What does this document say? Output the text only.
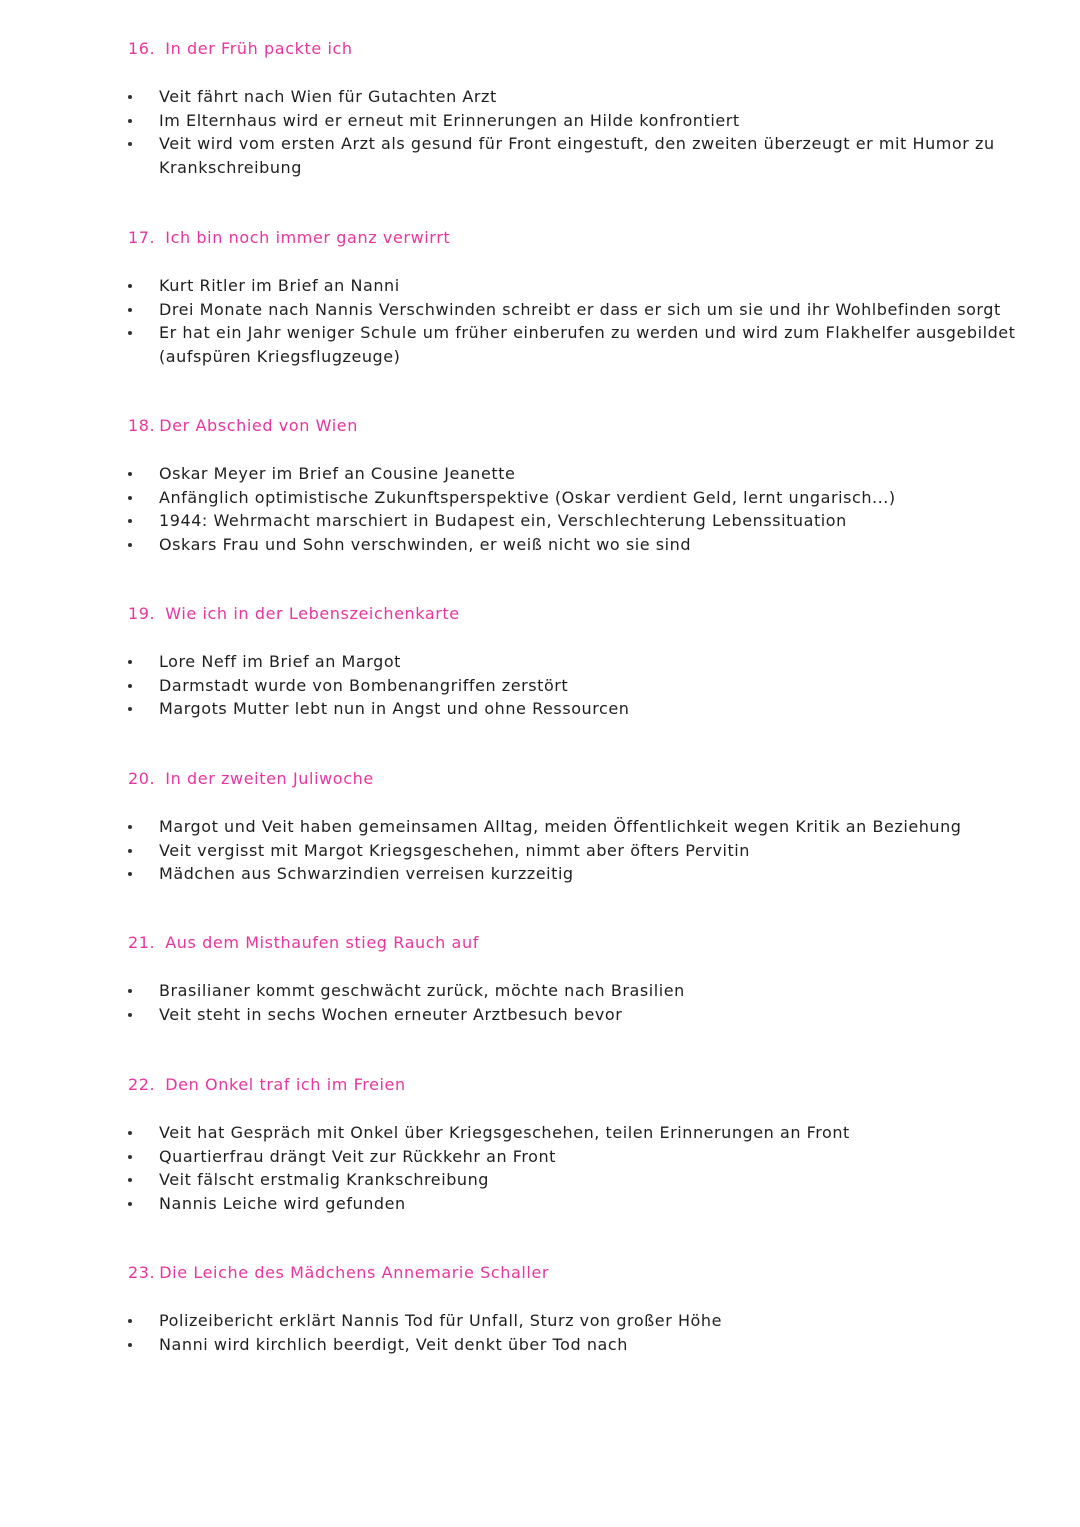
16. In der Früh packte ich
Veit fährt nach Wien für Gutachten Arzt
Im Elternhaus wird er erneut mit Erinnerungen an Hilde konfrontiert
Veit wird vom ersten Arzt als gesund für Front eingestuft, den zweiten überzeugt er mit Humor zu Krankschreibung
17. Ich bin noch immer ganz verwirrt
Kurt Ritler im Brief an Nanni
Drei Monate nach Nannis Verschwinden schreibt er dass er sich um sie und ihr Wohlbefinden sorgt
Er hat ein Jahr weniger Schule um früher einberufen zu werden und wird zum Flakhelfer ausgebildet (aufspüren Kriegsflugzeuge)
18. Der Abschied von Wien
Oskar Meyer im Brief an Cousine Jeanette
Anfänglich optimistische Zukunftsperspektive (Oskar verdient Geld, lernt ungarisch...)
1944: Wehrmacht marschiert in Budapest ein, Verschlechterung Lebenssituation
Oskars Frau und Sohn verschwinden, er weiß nicht wo sie sind
19. Wie ich in der Lebenszeichenkarte
Lore Neff im Brief an Margot
Darmstadt wurde von Bombenangriffen zerstört
Margots Mutter lebt nun in Angst und ohne Ressourcen
20. In der zweiten Juliwoche
Margot und Veit haben gemeinsamen Alltag, meiden Öffentlichkeit wegen Kritik an Beziehung
Veit vergisst mit Margot Kriegsgeschehen, nimmt aber öfters Pervitin
Mädchen aus Schwarzindien verreisen kurzzeitig
21. Aus dem Misthaufen stieg Rauch auf
Brasilianer kommt geschwächt zurück, möchte nach Brasilien
Veit steht in sechs Wochen erneuter Arztbesuch bevor
22. Den Onkel traf ich im Freien
Veit hat Gespräch mit Onkel über Kriegsgeschehen, teilen Erinnerungen an Front
Quartierfrau drängt Veit zur Rückkehr an Front
Veit fälscht erstmalig Krankschreibung
Nannis Leiche wird gefunden
23. Die Leiche des Mädchens Annemarie Schaller
Polizeibericht erklärt Nannis Tod für Unfall, Sturz von großer Höhe
Nanni wird kirchlich beerdigt, Veit denkt über Tod nach
